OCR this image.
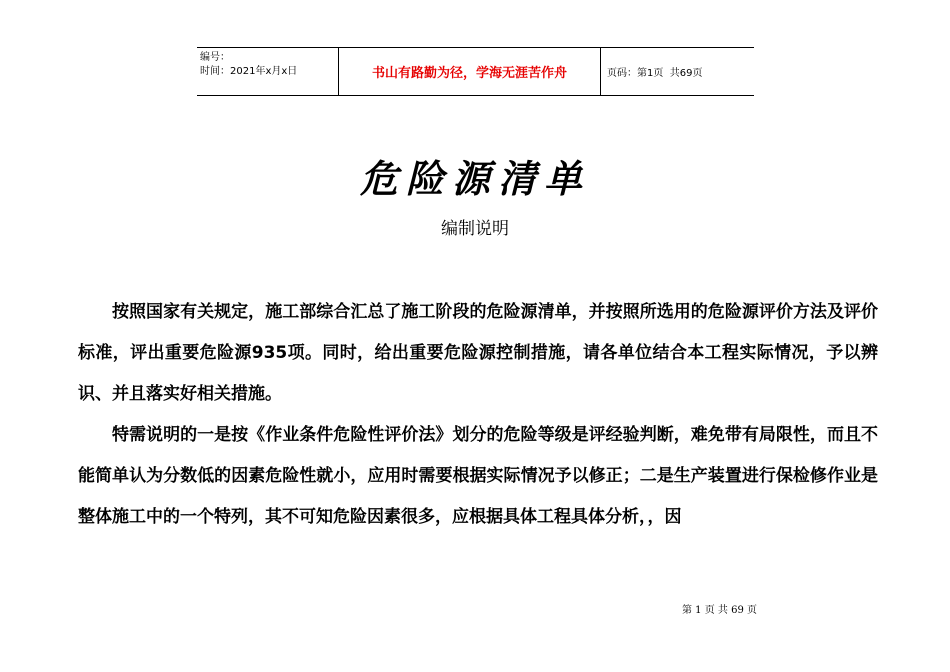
编号：
时间：2021年x月x日	书山有路勤为径，学海无涯苦作舟	页码：第1页  共69页
危险源清单
编制说明

按照国家有关规定，施工部综合汇总了施工阶段的危险源清单，并按照所选用的危险源评价方法及评价标准，评出重要危险源935项。同时，给出重要危险源控制措施，请各单位结合本工程实际情况，予以辨识、并且落实好相关措施。

特需说明的一是按《作业条件危险性评价法》划分的危险等级是评经验判断，难免带有局限性，而且不能简单认为分数低的因素危险性就小，应用时需要根据实际情况予以修正；二是生产装置进行保检修作业是整体施工中的一个特列，其不可知危险因素很多，应根据具体工程具体分析，，因

第 1 页 共 69 页
